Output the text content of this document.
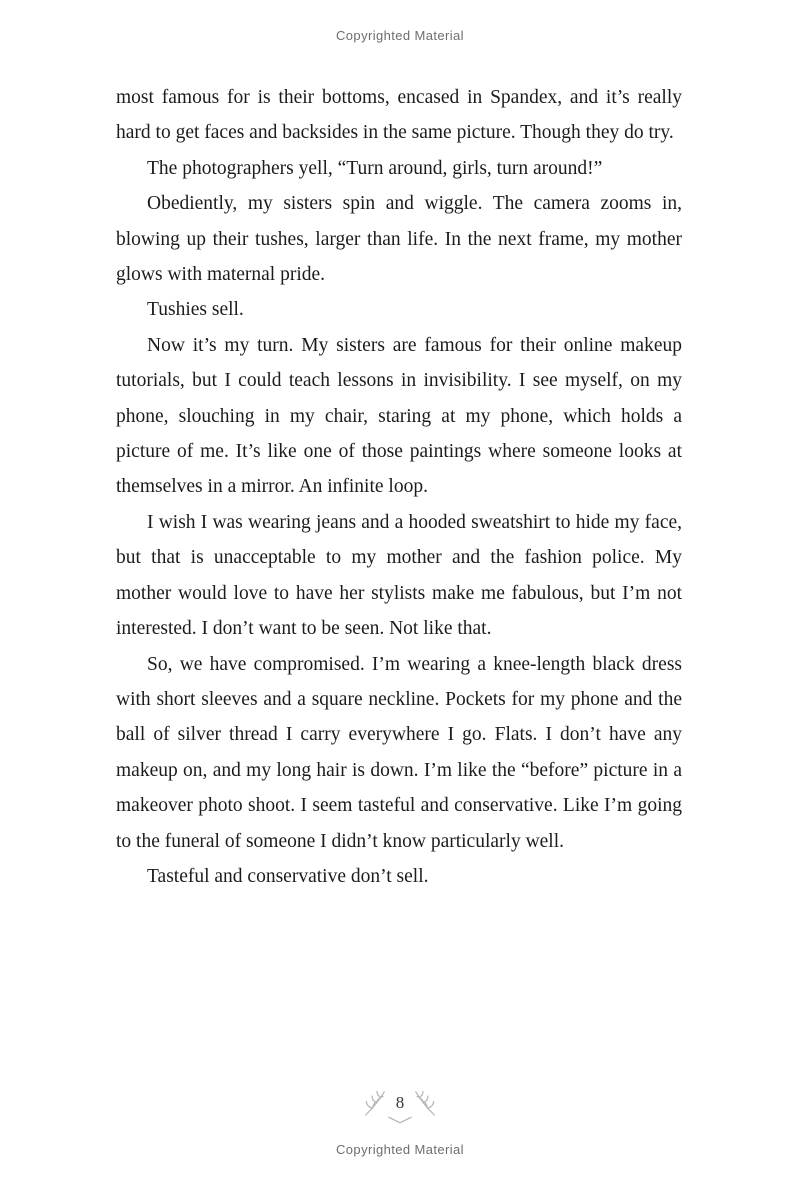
Copyrighted Material

most famous for is their bottoms, encased in Spandex, and it’s really hard to get faces and backsides in the same picture. Though they do try.

The photographers yell, “Turn around, girls, turn around!”

Obediently, my sisters spin and wiggle. The camera zooms in, blowing up their tushes, larger than life. In the next frame, my mother glows with maternal pride.

Tushies sell.

Now it’s my turn. My sisters are famous for their online makeup tutorials, but I could teach lessons in invisibility. I see myself, on my phone, slouching in my chair, staring at my phone, which holds a picture of me. It’s like one of those paintings where someone looks at themselves in a mirror. An infinite loop.

I wish I was wearing jeans and a hooded sweatshirt to hide my face, but that is unacceptable to my mother and the fashion police. My mother would love to have her stylists make me fabulous, but I’m not interested. I don’t want to be seen. Not like that.

So, we have compromised. I’m wearing a knee-length black dress with short sleeves and a square neckline. Pockets for my phone and the ball of silver thread I carry everywhere I go. Flats. I don’t have any makeup on, and my long hair is down. I’m like the “before” picture in a makeover photo shoot. I seem tasteful and conservative. Like I’m going to the funeral of someone I didn’t know particularly well.

Tasteful and conservative don’t sell.

8
Copyrighted Material
